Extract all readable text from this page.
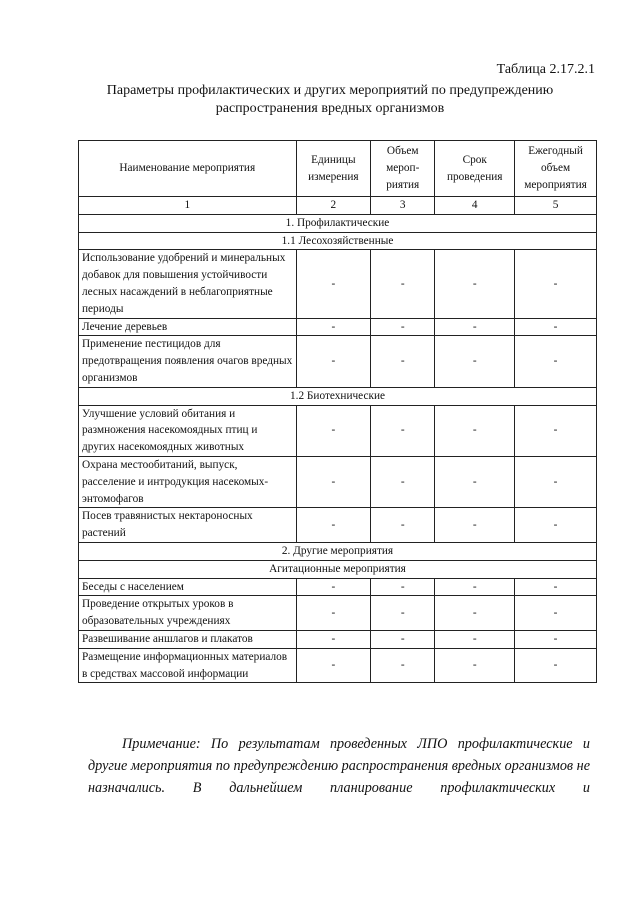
Таблица 2.17.2.1
Параметры профилактических и других мероприятий по предупреждению распространения вредных организмов
Наименование мероприятия	Единицы измерения	Объем мероп-риятия	Срок проведения	Ежегодный объем мероприятия
1	2	3	4	5
1. Профилактические				
1.1 Лесохозяйственные				
Использование удобрений и минеральных добавок для повышения устойчивости лесных насаждений в неблагоприятные периоды	-	-	-	-
Лечение деревьев	-	-	-	-
Применение пестицидов для предотвращения появления очагов вредных организмов	-	-	-	-
1.2 Биотехнические				
Улучшение условий обитания и размножения насекомоядных птиц и других насекомоядных животных	-	-	-	-
Охрана местообитаний, выпуск, расселение и интродукция насекомых-энтомофагов	-	-	-	-
Посев травянистых нектароносных растений	-	-	-	-
2. Другие мероприятия				
Агитационные мероприятия				
Беседы с населением	-	-	-	-
Проведение открытых уроков в образовательных учреждениях	-	-	-	-
Развешивание аншлагов и плакатов	-	-	-	-
Размещение информационных материалов в средствах массовой информации	-	-	-	-
Примечание: По результатам проведенных ЛПО профилактические и другие мероприятия по предупреждению распространения вредных организмов не назначались. В дальнейшем планирование профилактических и
